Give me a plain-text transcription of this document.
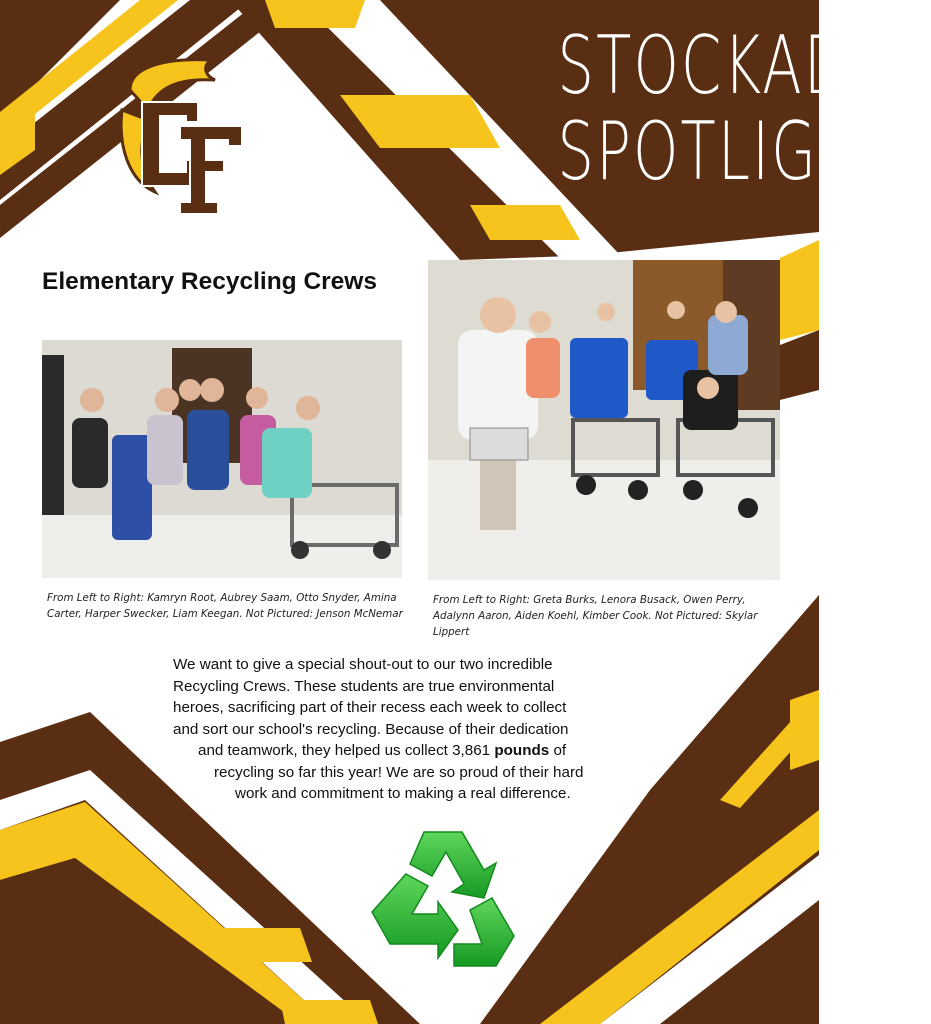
STOCKADER
SPOTLIGHT
Elementary Recycling Crews

From Left to Right: Kamryn Root, Aubrey Saam, Otto Snyder, Amina Carter, Harper Swecker, Liam Keegan. Not Pictured: Jenson McNemar

From Left to Right: Greta Burks, Lenora Busack, Owen Perry, Adalynn Aaron, Aiden Koehl, Kimber Cook. Not Pictured: Skylar Lippert

We want to give a special shout-out to our two incredible
Recycling Crews. These students are true environmental
heroes, sacrificing part of their recess each week to collect
and sort our school's recycling. Because of their dedication
and teamwork, they helped us collect 3,861 pounds of
recycling so far this year! We are so proud of their hard
work and commitment to making a real difference.
